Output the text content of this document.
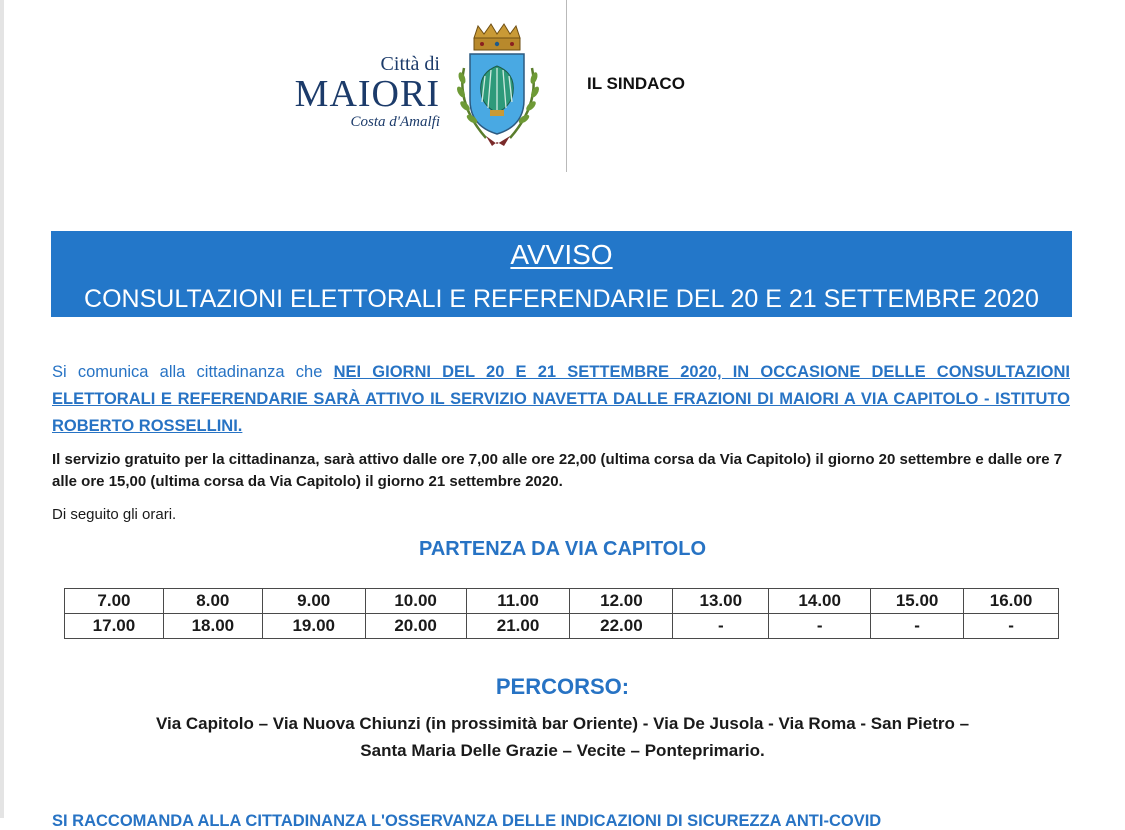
Città di
MAIORI
Costa d'Amalfi
IL SINDACO
AVVISO
CONSULTAZIONI ELETTORALI E REFERENDARIE DEL 20 E 21 SETTEMBRE 2020
Si comunica alla cittadinanza che NEI GIORNI DEL 20 E 21 SETTEMBRE 2020, IN OCCASIONE DELLE CONSULTAZIONI ELETTORALI E REFERENDARIE SARÀ ATTIVO IL SERVIZIO NAVETTA DALLE FRAZIONI DI MAIORI A VIA CAPITOLO - ISTITUTO ROBERTO ROSSELLINI.
Il servizio gratuito per la cittadinanza, sarà attivo dalle ore 7,00 alle ore 22,00 (ultima corsa da Via Capitolo) il giorno 20 settembre e dalle ore 7 alle ore 15,00 (ultima corsa da Via Capitolo) il giorno 21 settembre 2020.
Di seguito gli orari.
PARTENZA DA VIA CAPITOLO
7.00	8.00	9.00	10.00	11.00	12.00	13.00	14.00	15.00	16.00
17.00	18.00	19.00	20.00	21.00	22.00	-	-	-	-
PERCORSO:
Via Capitolo – Via Nuova Chiunzi (in prossimità bar Oriente) - Via De Jusola - Via Roma - San Pietro –
Santa Maria Delle Grazie – Vecite – Ponteprimario.
SI RACCOMANDA ALLA CITTADINANZA L'OSSERVANZA DELLE INDICAZIONI DI SICUREZZA ANTI-COVID
